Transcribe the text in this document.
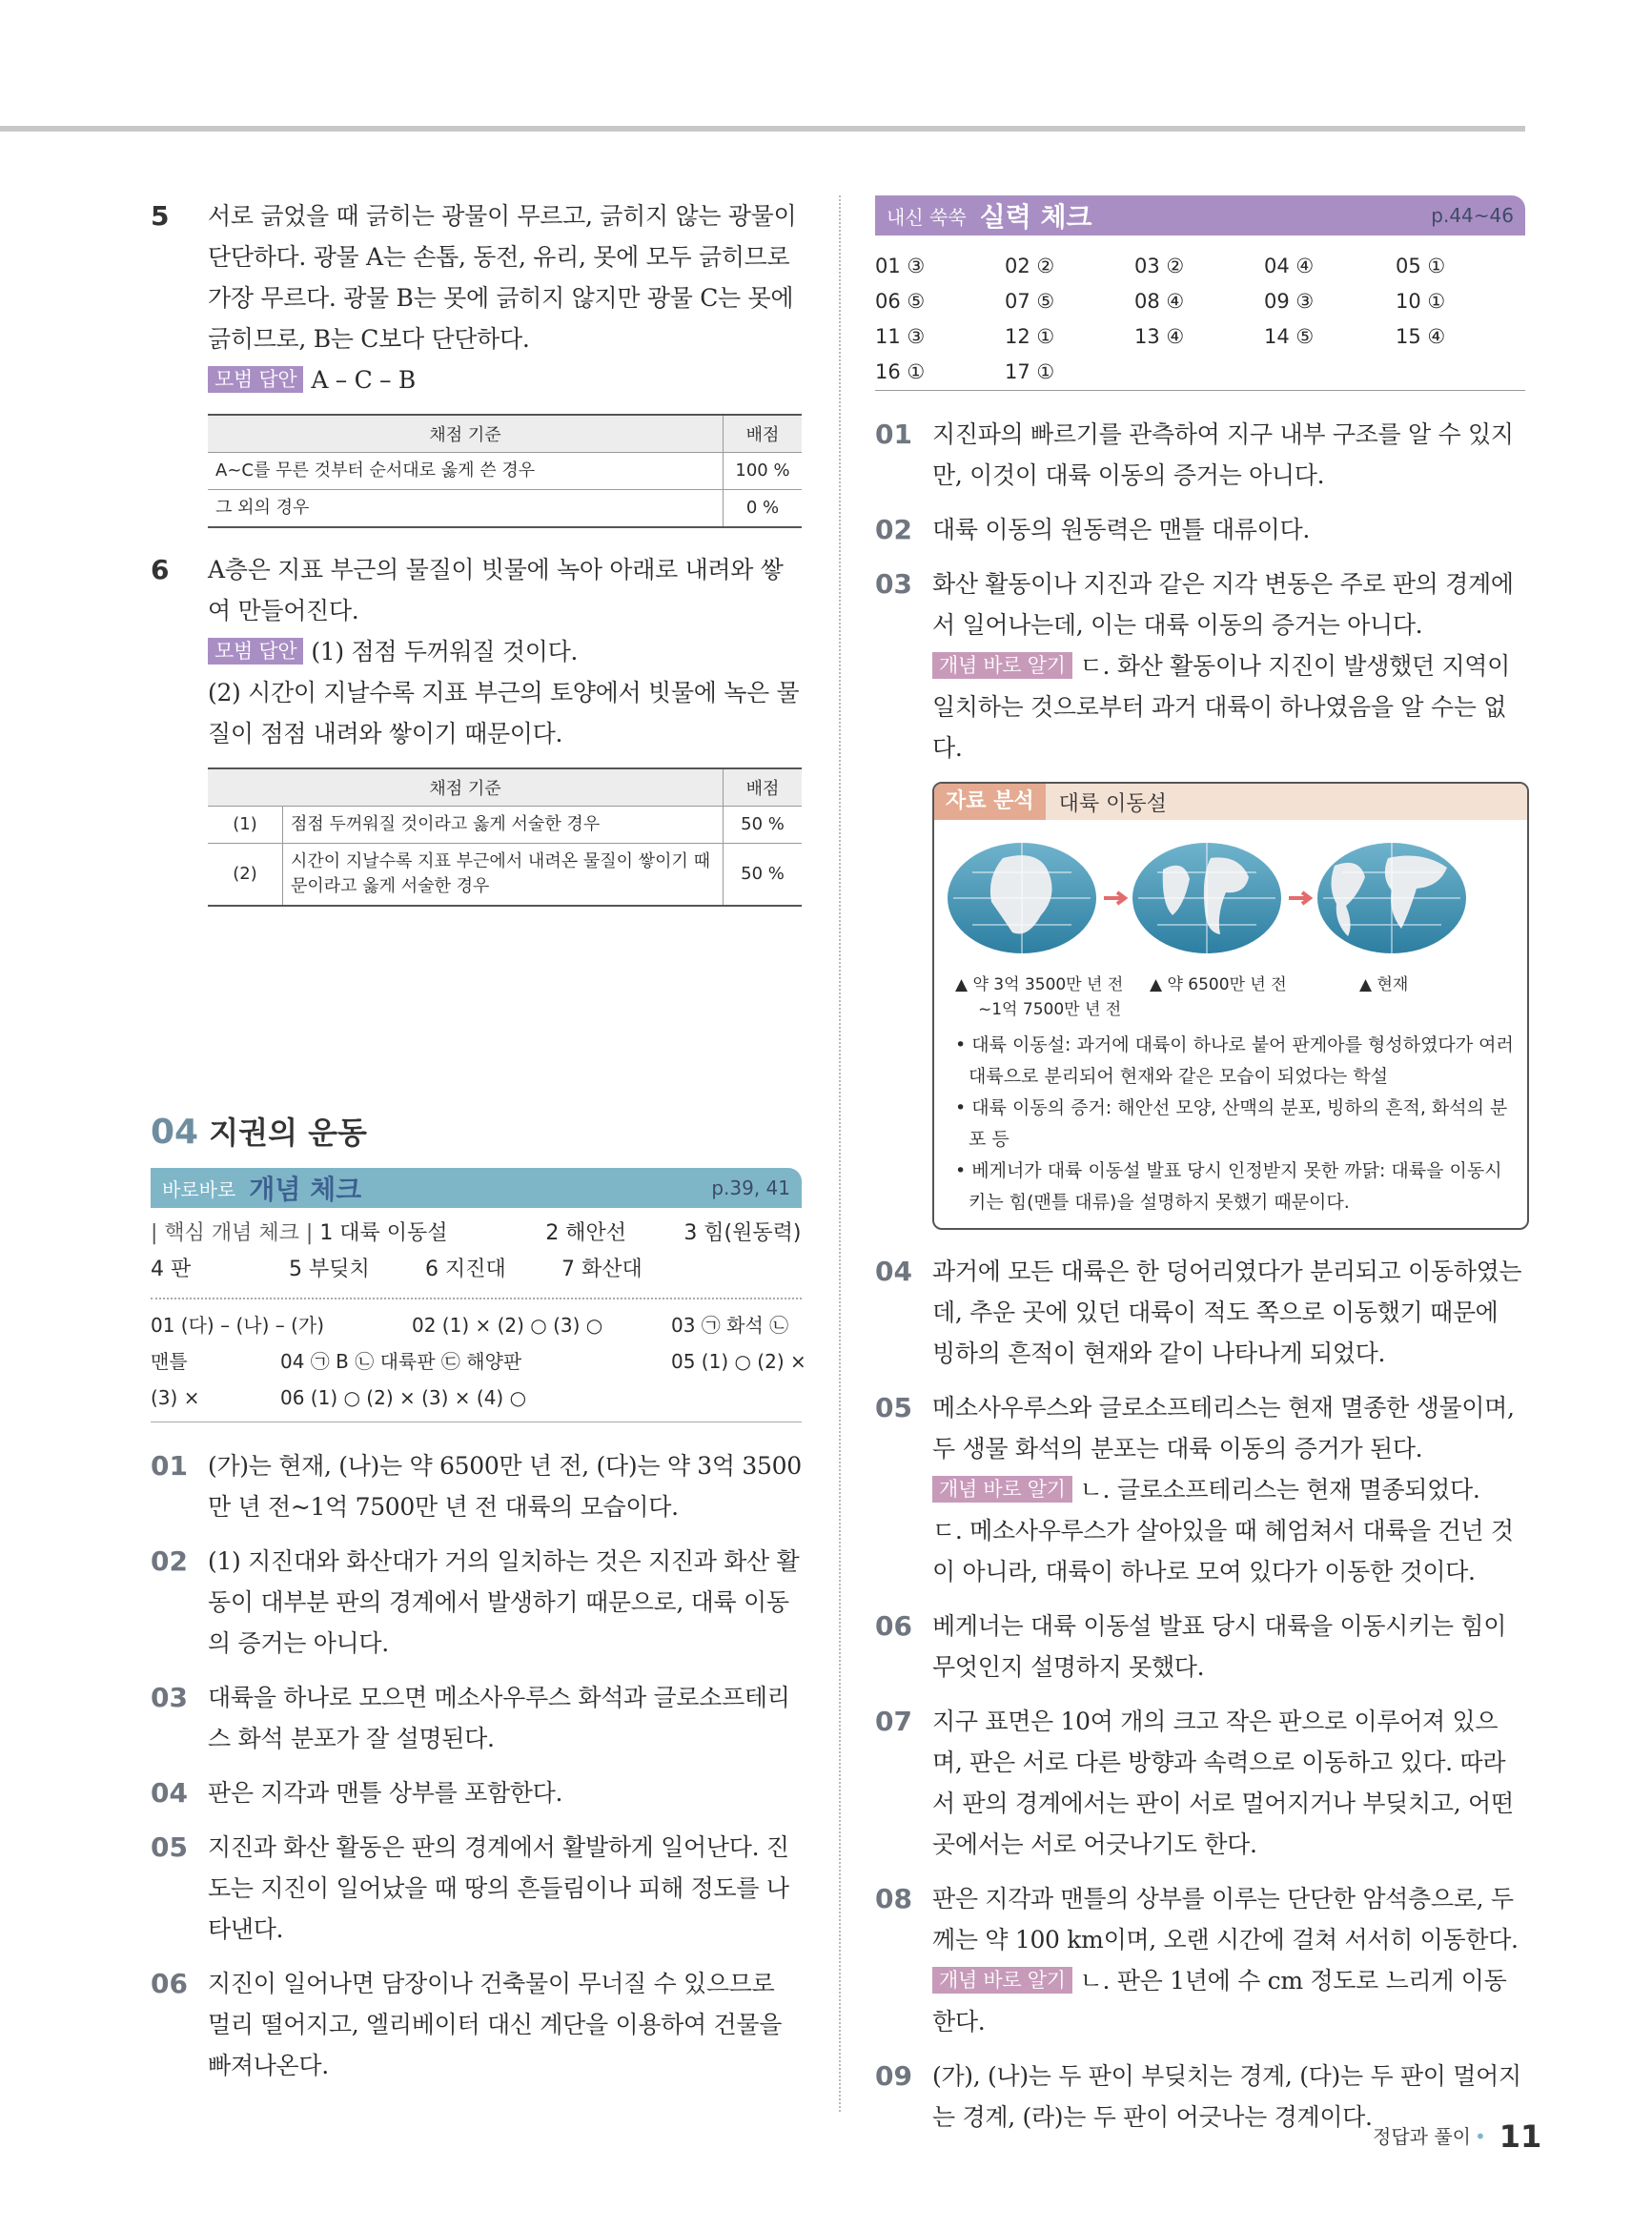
5	서로 긁었을 때 긁히는 광물이 무르고, 긁히지 않는 광물이 단단하다. 광물 A는 손톱, 동전, 유리, 못에 모두 긁히므로 가장 무르다. 광물 B는 못에 긁히지 않지만 광물 C는 못에 긁히므로, B는 C보다 단단하다.
모범 답안 A – C – B
채점 기준	배점
A~C를 무른 것부터 순서대로 옳게 쓴 경우	100 %
그 외의 경우	0 %
6	A층은 지표 부근의 물질이 빗물에 녹아 아래로 내려와 쌓여 만들어진다.
모범 답안 (1) 점점 두꺼워질 것이다.
(2) 시간이 지날수록 지표 부근의 토양에서 빗물에 녹은 물질이 점점 내려와 쌓이기 때문이다.
채점 기준		배점
(1)	점점 두꺼워질 것이라고 옳게 서술한 경우	50 %
(2)	시간이 지날수록 지표 부근에서 내려온 물질이 쌓이기 때문이라고 옳게 서술한 경우	50 %
04 지권의 운동
바로바로 개념 체크	p.39, 41
| 핵심 개념 체크 | 1 대륙 이동설	2 해안선	3 힘(원동력)
4 판	5 부딪치	6 지진대	7 화산대
01 (다) – (나) – (가)	02 (1) × (2) ○ (3) ○	03 ㉠ 화석 ㉡
맨틀	04 ㉠ B ㉡ 대륙판 ㉢ 해양판	05 (1) ○ (2) ×
(3) ×	06 (1) ○ (2) × (3) × (4) ○
01 (가)는 현재, (나)는 약 6500만 년 전, (다)는 약 3억 3500만 년 전~1억 7500만 년 전 대륙의 모습이다.
02 (1) 지진대와 화산대가 거의 일치하는 것은 지진과 화산 활동이 대부분 판의 경계에서 발생하기 때문으로, 대륙 이동의 증거는 아니다.
03 대륙을 하나로 모으면 메소사우루스 화석과 글로소프테리스 화석 분포가 잘 설명된다.
04 판은 지각과 맨틀 상부를 포함한다.
05 지진과 화산 활동은 판의 경계에서 활발하게 일어난다. 진도는 지진이 일어났을 때 땅의 흔들림이나 피해 정도를 나타낸다.
06 지진이 일어나면 담장이나 건축물이 무너질 수 있으므로 멀리 떨어지고, 엘리베이터 대신 계단을 이용하여 건물을 빠져나온다.
내신 쑥쑥 실력 체크	p.44~46
01 ③	02 ②	03 ②	04 ④	05 ①
06 ⑤	07 ⑤	08 ④	09 ③	10 ①
11 ③	12 ①	13 ④	14 ⑤	15 ④
16 ①	17 ①
01 지진파의 빠르기를 관측하여 지구 내부 구조를 알 수 있지만, 이것이 대륙 이동의 증거는 아니다.
02 대륙 이동의 원동력은 맨틀 대류이다.
03 화산 활동이나 지진과 같은 지각 변동은 주로 판의 경계에서 일어나는데, 이는 대륙 이동의 증거는 아니다.
개념 바로 알기 ㄷ. 화산 활동이나 지진이 발생했던 지역이 일치하는 것으로부터 과거 대륙이 하나였음을 알 수는 없다.
자료 분석	대륙 이동설
▲ 약 3억 3500만 년 전
~1억 7500만 년 전
▲ 약 6500만 년 전	▲ 현재
• 대륙 이동설: 과거에 대륙이 하나로 붙어 판게아를 형성하였다가 여러 대륙으로 분리되어 현재와 같은 모습이 되었다는 학설
• 대륙 이동의 증거: 해안선 모양, 산맥의 분포, 빙하의 흔적, 화석의 분포 등
• 베게너가 대륙 이동설 발표 당시 인정받지 못한 까닭: 대륙을 이동시키는 힘(맨틀 대류)을 설명하지 못했기 때문이다.
04 과거에 모든 대륙은 한 덩어리였다가 분리되고 이동하였는데, 추운 곳에 있던 대륙이 적도 쪽으로 이동했기 때문에 빙하의 흔적이 현재와 같이 나타나게 되었다.
05 메소사우루스와 글로소프테리스는 현재 멸종한 생물이며, 두 생물 화석의 분포는 대륙 이동의 증거가 된다.
개념 바로 알기 ㄴ. 글로소프테리스는 현재 멸종되었다.
ㄷ. 메소사우루스가 살아있을 때 헤엄쳐서 대륙을 건넌 것이 아니라, 대륙이 하나로 모여 있다가 이동한 것이다.
06 베게너는 대륙 이동설 발표 당시 대륙을 이동시키는 힘이 무엇인지 설명하지 못했다.
07 지구 표면은 10여 개의 크고 작은 판으로 이루어져 있으며, 판은 서로 다른 방향과 속력으로 이동하고 있다. 따라서 판의 경계에서는 판이 서로 멀어지거나 부딪치고, 어떤 곳에서는 서로 어긋나기도 한다.
08 판은 지각과 맨틀의 상부를 이루는 단단한 암석층으로, 두께는 약 100 km이며, 오랜 시간에 걸쳐 서서히 이동한다.
개념 바로 알기 ㄴ. 판은 1년에 수 cm 정도로 느리게 이동한다.
09 (가), (나)는 두 판이 부딪치는 경계, (다)는 두 판이 멀어지는 경계, (라)는 두 판이 어긋나는 경계이다.
정답과 풀이 • 11
